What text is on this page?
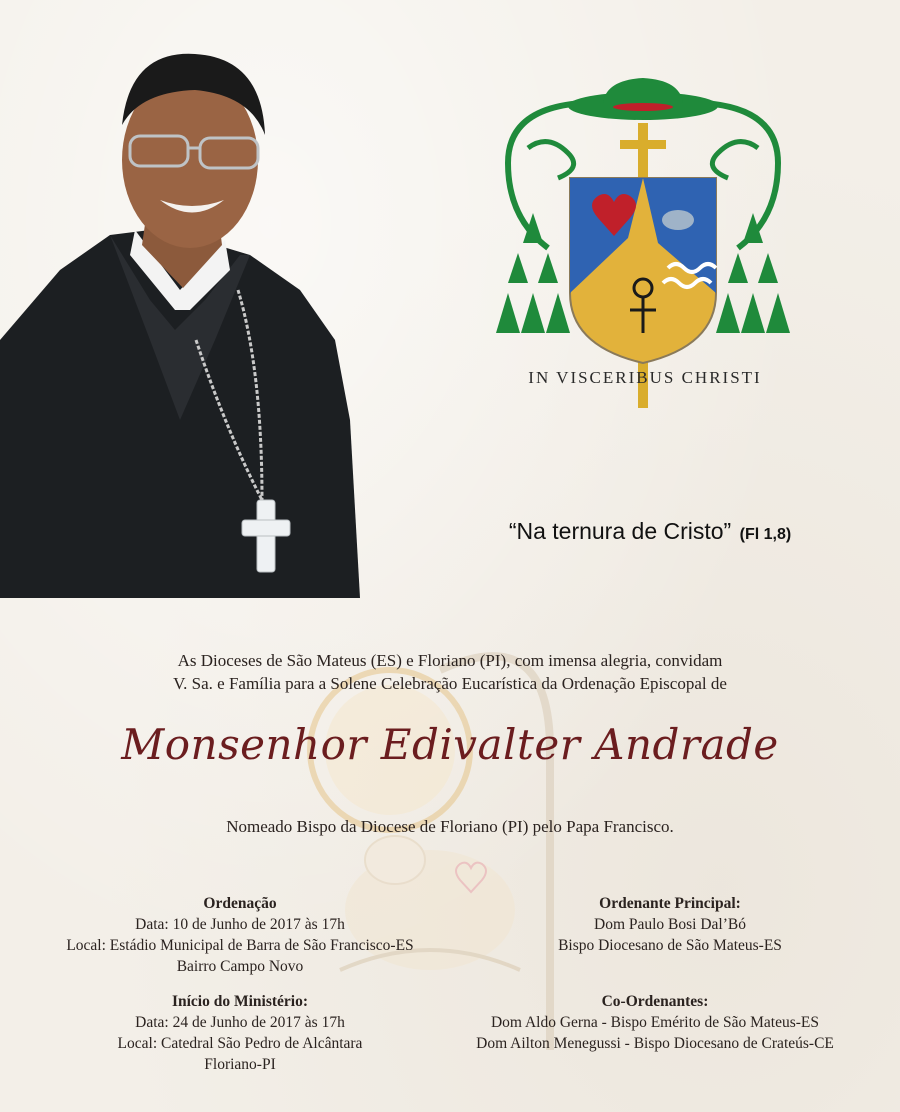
IN VISCERIBUS CHRISTI
“Na ternura de Cristo” (Fl 1,8)
As Dioceses de São Mateus (ES) e Floriano (PI), com imensa alegria, convidam
V. Sa. e Família para a Solene Celebração Eucarística da Ordenação Episcopal de
Monsenhor Edivalter Andrade
Nomeado Bispo da Diocese de Floriano (PI) pelo Papa Francisco.
Ordenação
Data: 10 de Junho de 2017 às 17h
Local: Estádio Municipal de Barra de São Francisco-ES
Bairro Campo Novo
Início do Ministério:
Data: 24 de Junho de 2017 às 17h
Local: Catedral São Pedro de Alcântara
Floriano-PI
Ordenante Principal:
Dom Paulo Bosi Dal’Bó
Bispo Diocesano de São Mateus-ES
Co-Ordenantes:
Dom Aldo Gerna - Bispo Emérito de São Mateus-ES
Dom Ailton Menegussi - Bispo Diocesano de Crateús-CE
